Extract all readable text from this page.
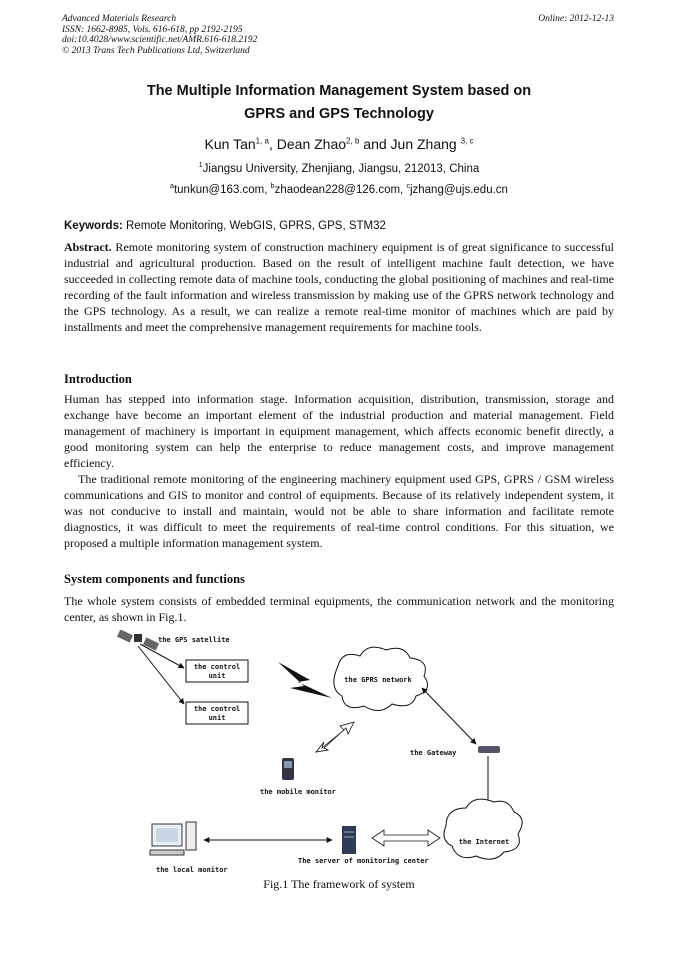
Advanced Materials Research
ISSN: 1662-8985, Vols. 616-618, pp 2192-2195
doi:10.4028/www.scientific.net/AMR.616-618.2192
© 2013 Trans Tech Publications Ltd, Switzerland
Online: 2012-12-13
The Multiple Information Management System based on
GPRS and GPS Technology
Kun Tan$^{1, a}$, Dean Zhao$^{2, b}$ and Jun Zhang $^{3, c}$
$^1$Jiangsu University, Zhenjiang, Jiangsu, 212013, China
$^a$tunkun@163.com, $^b$zhaodean228@126.com, $^c$jzhang@ujs.edu.cn
Keywords: Remote Monitoring, WebGIS, GPRS, GPS, STM32
Abstract. Remote monitoring system of construction machinery equipment is of great significance to successful industrial and agricultural production. Based on the result of intelligent machine fault detection, we have succeeded in collecting remote data of machine tools, conducting the global positioning of machines and real-time recording of the fault information and wireless transmission by making use of the GPRS network technology and the GPS technology. As a result, we can realize a remote real-time monitor of machines which are paid by installments and meet the comprehensive management requirements for machine tools.
Introduction
Human has stepped into information stage. Information acquisition, distribution, transmission, storage and exchange have become an important element of the industrial production and material management. Field management of machinery is important in equipment management, which affects economic benefit directly, a good monitoring system can help the enterprise to reduce management costs, and improve management efficiency.
The traditional remote monitoring of the engineering machinery equipment used GPS, GPRS / GSM wireless communications and GIS to monitor and control of equipments. Because of its relatively independent system, it was not conducive to install and maintain, would not be able to share information and facilitate remote diagnostics, it was difficult to meet the requirements of real-time control conditions. For this situation, we proposed a multiple information management system.
System components and functions
The whole system consists of embedded terminal equipments, the communication network and the monitoring center, as shown in Fig.1.
the GPS satellite
the control
unit
the control
unit
the GPRS network
the Gateway
the mobile monitor
the Internet
the local monitor
The server of monitoring center
Fig.1 The framework of system
